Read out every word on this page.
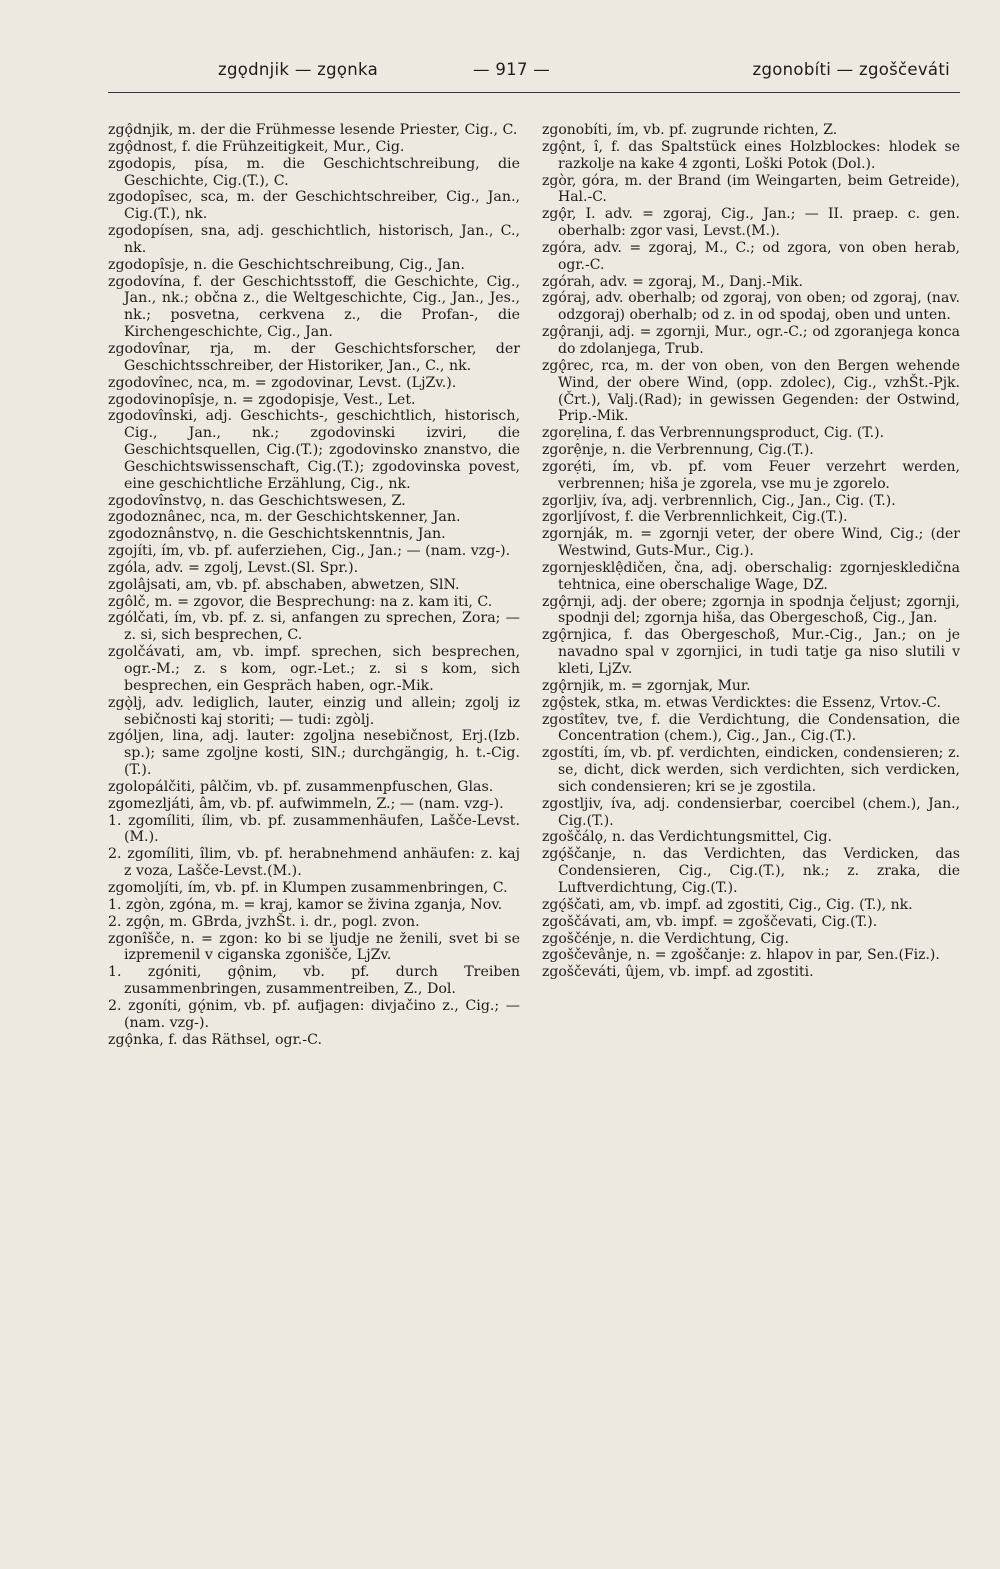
zgǫdnjik — zgǫnka	— 917 —	zgonobíti — zgoščeváti

zgǫ̂dnjik, m. der die Frühmesse lesende Priester, Cig., C.

zgǫ̂dnost, f. die Frühzeitigkeit, Mur., Cig.

zgodopis, písa, m. die Geschichtschreibung, die Geschichte, Cig.(T.), C.

zgodopîsec, sca, m. der Geschichtschreiber, Cig., Jan., Cig.(T.), nk.

zgodopísen, sna, adj. geschichtlich, historisch, Jan., C., nk.

zgodopîsje, n. die Geschichtschreibung, Cig., Jan.

zgodovína, f. der Geschichtsstoff, die Geschichte, Cig., Jan., nk.; občna z., die Weltgeschichte, Cig., Jan., Jes., nk.; posvetna, cerkvena z., die Profan-, die Kirchengeschichte, Cig., Jan.

zgodovînar, rja, m. der Geschichtsforscher, der Geschichtsschreiber, der Historiker, Jan., C., nk.

zgodovînec, nca, m. = zgodovinar, Levst. (LjZv.).

zgodovinopîsje, n. = zgodopisje, Vest., Let.

zgodovînski, adj. Geschichts-, geschichtlich, historisch, Cig., Jan., nk.; zgodovinski izviri, die Geschichtsquellen, Cig.(T.); zgodovinsko znanstvo, die Geschichtswissenschaft, Cig.(T.); zgodovinska povest, eine geschichtliche Erzählung, Cig., nk.

zgodovînstvǫ, n. das Geschichtswesen, Z.

zgodoznânec, nca, m. der Geschichtskenner, Jan.

zgodoznânstvǫ, n. die Geschichtskenntnis, Jan.

zgojíti, ím, vb. pf. auferziehen, Cig., Jan.; — (nam. vzg-).

zgóla, adv. = zgolj, Levst.(Sl. Spr.).

zgolâjsati, am, vb. pf. abschaben, abwetzen, SlN.

zgôlč, m. = zgovor, die Besprechung: na z. kam iti, C.

zgólčati, ím, vb. pf. z. si, anfangen zu sprechen, Zora; — z. si, sich besprechen, C.

zgolčávati, am, vb. impf. sprechen, sich besprechen, ogr.-M.; z. s kom, ogr.-Let.; z. si s kom, sich besprechen, ein Gespräch haben, ogr.-Mik.

zgǫ̀lj, adv. lediglich, lauter, einzig und allein; zgolj iz sebičnosti kaj storiti; — tudi: zgòlj.

zgóljen, lina, adj. lauter: zgoljna nesebičnost, Erj.(Izb. sp.); same zgoljne kosti, SlN.; durchgängig, h. t.-Cig.(T.).

zgolopálčiti, pâlčim, vb. pf. zusammenpfuschen, Glas.

zgomezljáti, âm, vb. pf. aufwimmeln, Z.; — (nam. vzg-).

1. zgomíliti, ílim, vb. pf. zusammenhäufen, Lašče-Levst.(M.).

2. zgomíliti, îlim, vb. pf. herabnehmend anhäufen: z. kaj z voza, Lašče-Levst.(M.).

zgomoljíti, ím, vb. pf. in Klumpen zusammenbringen, C.

1. zgòn, zgóna, m. = kraj, kamor se živina zganja, Nov.

2. zgǫ̂n, m. GBrda, jvzhŠt. i. dr., pogl. zvon.

zgonîšče, n. = zgon: ko bi se ljudje ne ženili, svet bi se izpremenil v ciganska zgonišče, LjZv.

1. zgóniti, gǫ̂nim, vb. pf. durch Treiben zusammenbringen, zusammentreiben, Z., Dol.

2. zgoníti, gǫ́nim, vb. pf. aufjagen: divjačino z., Cig.; — (nam. vzg-).

zgǫ̂nka, f. das Räthsel, ogr.-C.

zgonobíti, ím, vb. pf. zugrunde richten, Z.

zgǫ̂nt, î, f. das Spaltstück eines Holzblockes: hlodek se razkolje na kake 4 zgonti, Loški Potok (Dol.).

zgòr, góra, m. der Brand (im Weingarten, beim Getreide), Hal.-C.

zgǫ̂r, I. adv. = zgoraj, Cig., Jan.; — II. praep. c. gen. oberhalb: zgor vasi, Levst.(M.).

zgóra, adv. = zgoraj, M., C.; od zgora, von oben herab, ogr.-C.

zgórah, adv. = zgoraj, M., Danj.-Mik.

zgóraj, adv. oberhalb; od zgoraj, von oben; od zgoraj, (nav. odzgoraj) oberhalb; od z. in od spodaj, oben und unten.

zgǫ̂ranji, adj. = zgornji, Mur., ogr.-C.; od zgoranjega konca do zdolanjega, Trub.

zgǫ̂rec, rca, m. der von oben, von den Bergen wehende Wind, der obere Wind, (opp. zdolec), Cig., vzhŠt.-Pjk.(Črt.), Valj.(Rad); in gewissen Gegenden: der Ostwind, Prip.-Mik.

zgorẹlina, f. das Verbrennungsproduct, Cig. (T.).

zgorệnje, n. die Verbrennung, Cig.(T.).

zgorẹ́ti, ím, vb. pf. vom Feuer verzehrt werden, verbrennen; hiša je zgorela, vse mu je zgorelo.

zgorljiv, íva, adj. verbrennlich, Cig., Jan., Cig. (T.).

zgorljívost, f. die Verbrennlichkeit, Cig.(T.).

zgornják, m. = zgornji veter, der obere Wind, Cig.; (der Westwind, Guts-Mur., Cig.).

zgornjesklệdičen, čna, adj. oberschalig: zgornjeskledična tehtnica, eine oberschalige Wage, DZ.

zgǫ̂rnji, adj. der obere; zgornja in spodnja čeljust; zgornji, spodnji del; zgornja hiša, das Obergeschoß, Cig., Jan.

zgǫ̂rnjica, f. das Obergeschoß, Mur.-Cig., Jan.; on je navadno spal v zgornjici, in tudi tatje ga niso slutili v kleti, LjZv.

zgǫ̂rnjik, m. = zgornjak, Mur.

zgǫ̂stek, stka, m. etwas Verdicktes: die Essenz, Vrtov.-C.

zgostîtev, tve, f. die Verdichtung, die Condensation, die Concentration (chem.), Cig., Jan., Cig.(T.).

zgostíti, ím, vb. pf. verdichten, eindicken, condensieren; z. se, dicht, dick werden, sich verdichten, sich verdicken, sich condensieren; kri se je zgostila.

zgostljiv, íva, adj. condensierbar, coercibel (chem.), Jan., Cig.(T.).

zgoščálǫ, n. das Verdichtungsmittel, Cig.

zgǫ́ščanje, n. das Verdichten, das Verdicken, das Condensieren, Cig., Cig.(T.), nk.; z. zraka, die Luftverdichtung, Cig.(T.).

zgǫ́ščati, am, vb. impf. ad zgostiti, Cig., Cig. (T.), nk.

zgoščávati, am, vb. impf. = zgoščevati, Cig.(T.).

zgoščénje, n. die Verdichtung, Cig.

zgoščevânje, n. = zgoščanje: z. hlapov in par, Sen.(Fiz.).

zgoščeváti, ûjem, vb. impf. ad zgostiti.
